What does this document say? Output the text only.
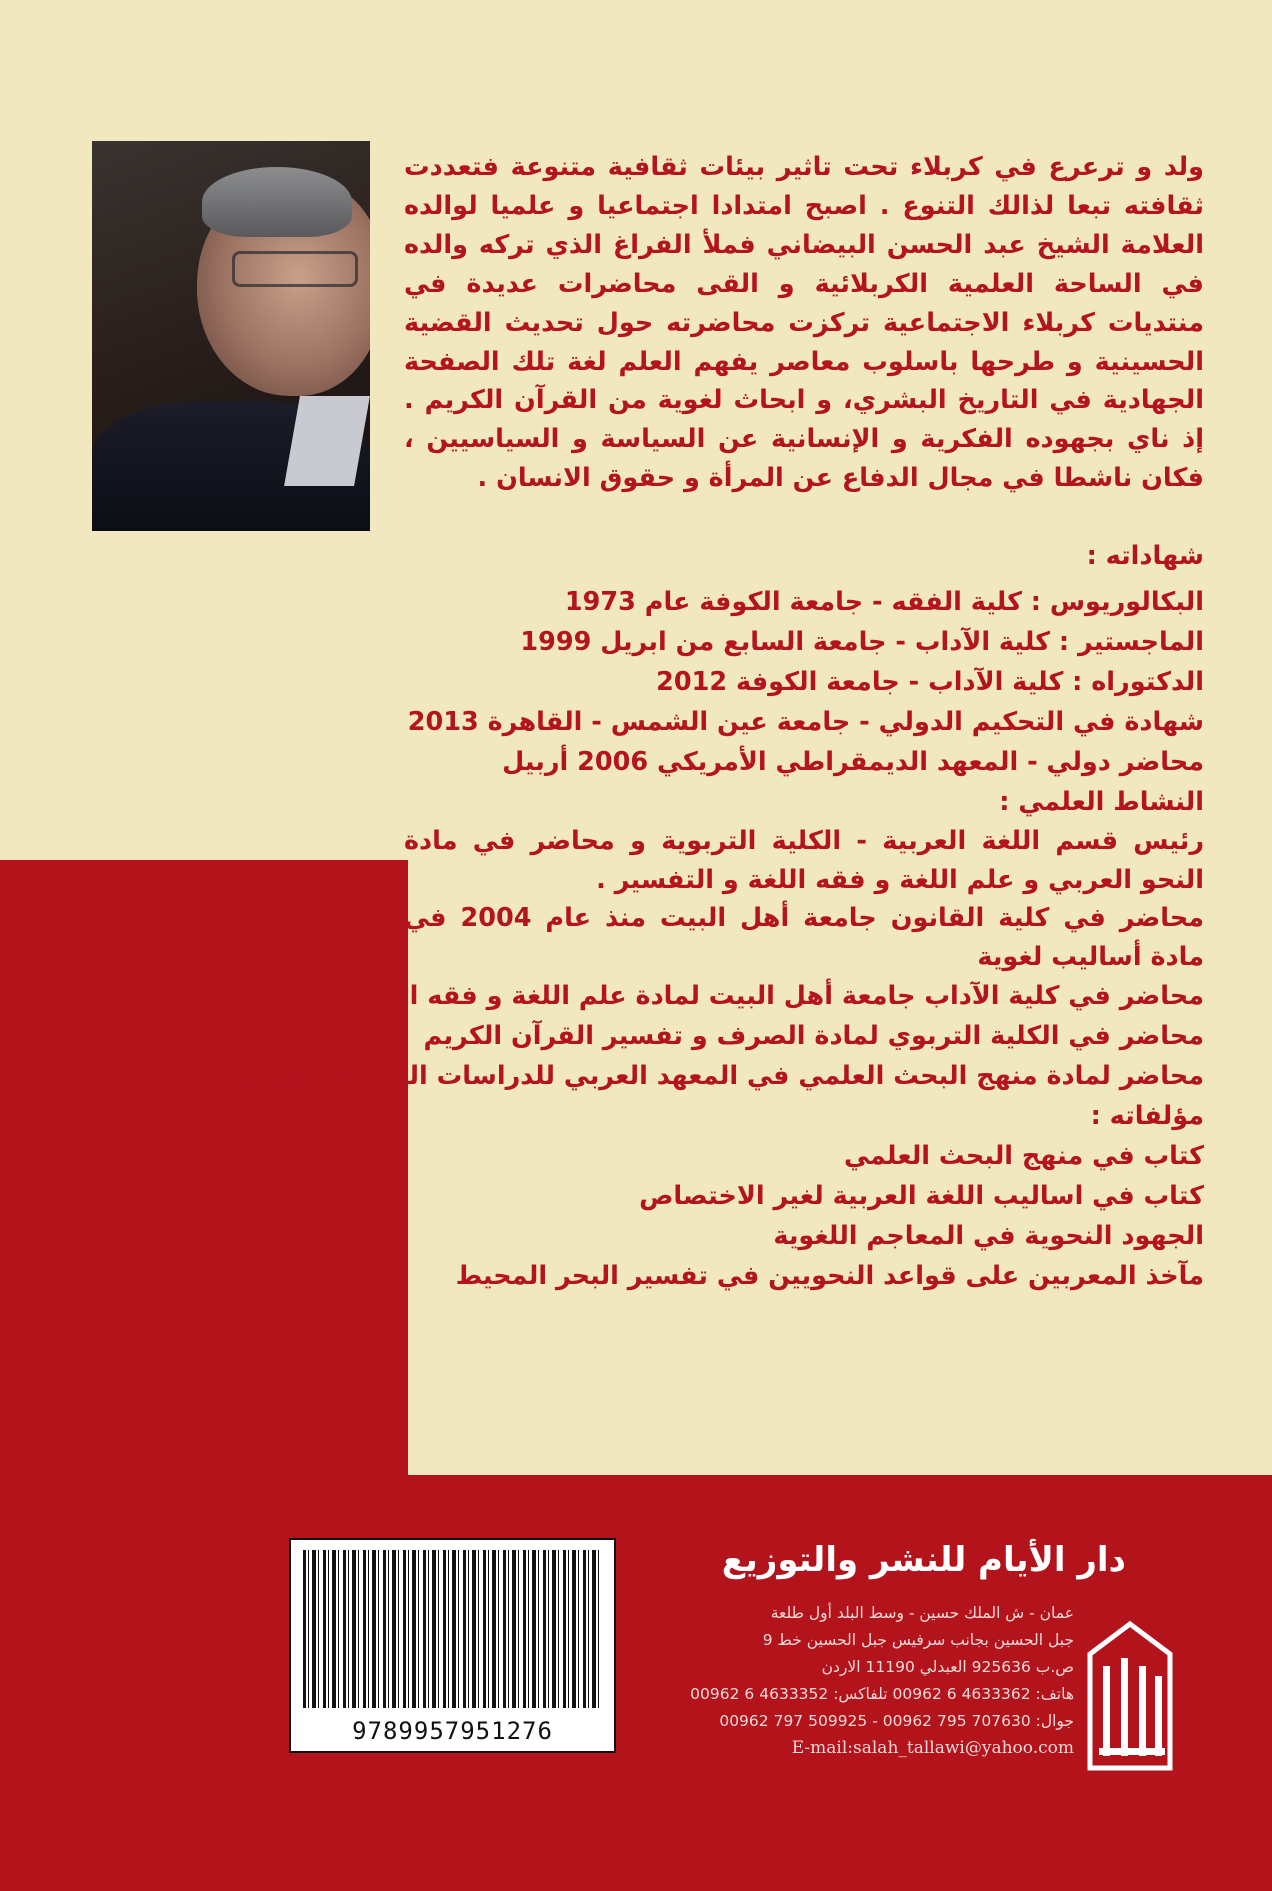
ولد و ترعرع في كربلاء تحت تاثير بيئات ثقافية متنوعة فتعددت ثقافته تبعا لذالك التنوع . اصبح امتدادا اجتماعيا و علميا لوالده العلامة الشيخ عبد الحسن البيضاني فملأ الفراغ الذي تركه والده في الساحة العلمية الكربلائية و القى محاضرات عديدة في منتديات كربلاء الاجتماعية تركزت محاضرته حول تحديث القضية الحسينية و طرحها باسلوب معاصر يفهم العلم لغة تلك الصفحة الجهادية في التاريخ البشري، و ابحاث لغوية من القرآن الكريم . إذ ناي بجهوده الفكرية و الإنسانية عن السياسة و السياسيين ، فكان ناشطا في مجال الدفاع عن المرأة و حقوق الانسان .
شهاداته :
البكالوريوس : كلية الفقه - جامعة الكوفة عام 1973
الماجستير : كلية الآداب - جامعة السابع من ابريل 1999
الدكتوراه : كلية الآداب - جامعة الكوفة 2012
شهادة في التحكيم الدولي - جامعة عين الشمس - القاهرة 2013
محاضر دولي - المعهد الديمقراطي الأمريكي 2006 أربيل
النشاط العلمي :
رئيس قسم اللغة العربية - الكلية التربوية و محاضر في مادة النحو العربي و علم اللغة و فقه اللغة و التفسير .
محاضر في كلية القانون جامعة أهل البيت منذ عام 2004 في مادة أساليب لغوية
محاضر في كلية الآداب جامعة أهل البيت لمادة علم اللغة و فقه اللغة
محاضر في الكلية التربوي لمادة الصرف و تفسير القرآن الكريم
محاضر لمادة منهج البحث العلمي في المعهد العربي للدراسات العليا في بغداد
مؤلفاته :
كتاب في منهج البحث العلمي
كتاب في اساليب اللغة العربية لغير الاختصاص
الجهود النحوية في المعاجم اللغوية
مآخذ المعربين على قواعد النحويين في تفسير البحر المحيط
9789957951276
دار الأيام للنشر والتوزيع
عمان - ش الملك حسين - وسط البلد أول طلعة
جبل الحسين بجانب سرفيس جبل الحسين خط 9
ص.ب 925636 العبدلي 11190 الاردن
هاتف: 4633362 6 00962 تلفاكس: 4633352 6 00962
جوال: 707630 795 00962 - 509925 797 00962
E-mail:salah_tallawi@yahoo.com
